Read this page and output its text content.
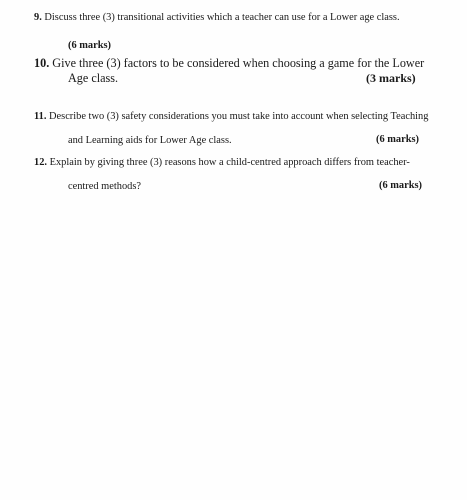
9. Discuss three (3) transitional activities which a teacher can use for a Lower age class.
(6 marks)
10. Give three (3) factors to be considered when choosing a game for the Lower
Age class.	(3 marks)
11. Describe two (3) safety considerations you must take into account when selecting Teaching
and Learning aids for Lower Age class.	(6 marks)
12. Explain by giving three (3) reasons how a child-centred approach differs from teacher-
centred methods?	(6 marks)
